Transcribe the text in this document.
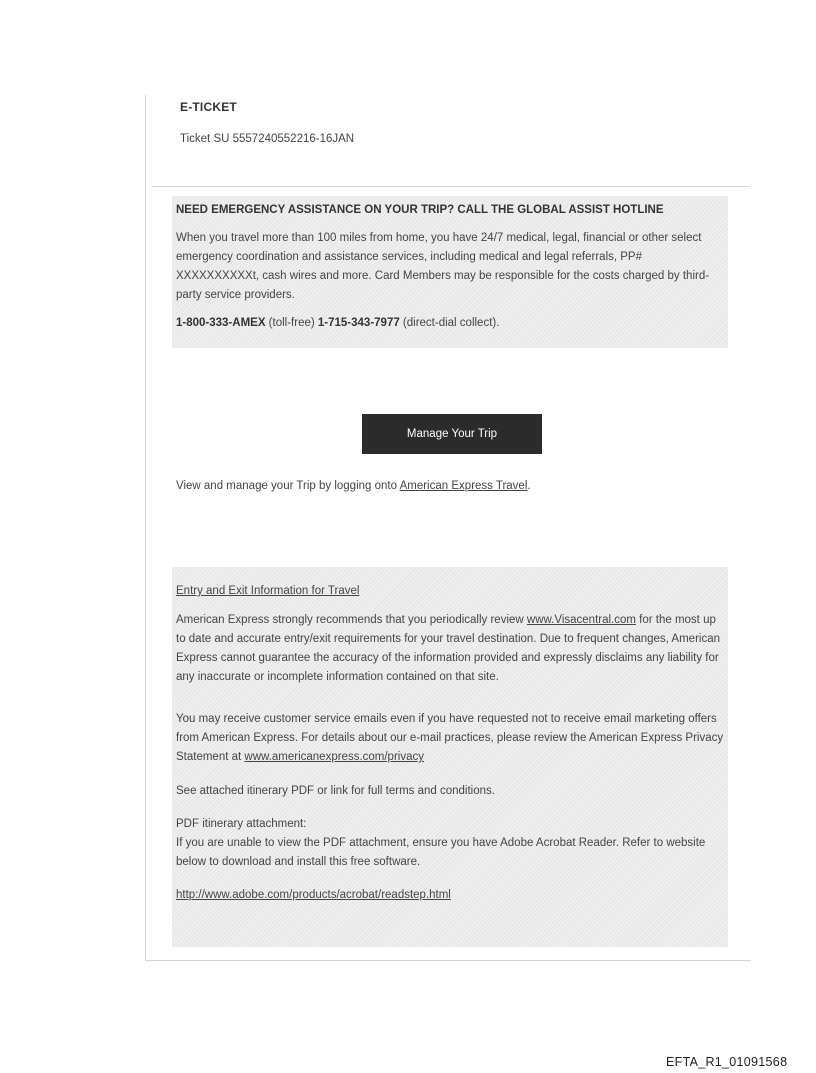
E-TICKET
Ticket SU 5557240552216-16JAN
NEED EMERGENCY ASSISTANCE ON YOUR TRIP? CALL THE GLOBAL ASSIST HOTLINE

When you travel more than 100 miles from home, you have 24/7 medical, legal, financial or other select emergency coordination and assistance services, including medical and legal referrals, PP# XXXXXXXXXXt, cash wires and more. Card Members may be responsible for the costs charged by third-party service providers.

1-800-333-AMEX (toll-free) 1-715-343-7977 (direct-dial collect).
Manage Your Trip
View and manage your Trip by logging onto American Express Travel.
Entry and Exit Information for Travel

American Express strongly recommends that you periodically review www.Visacentral.com for the most up to date and accurate entry/exit requirements for your travel destination. Due to frequent changes, American Express cannot guarantee the accuracy of the information provided and expressly disclaims any liability for any inaccurate or incomplete information contained on that site.

You may receive customer service emails even if you have requested not to receive email marketing offers from American Express. For details about our e-mail practices, please review the American Express Privacy Statement at www.americanexpress.com/privacy

See attached itinerary PDF or link for full terms and conditions.

PDF itinerary attachment:

If you are unable to view the PDF attachment, ensure you have Adobe Acrobat Reader. Refer to website below to download and install this free software.

http://www.adobe.com/products/acrobat/readstep.html

EFTA_R1_01091568
